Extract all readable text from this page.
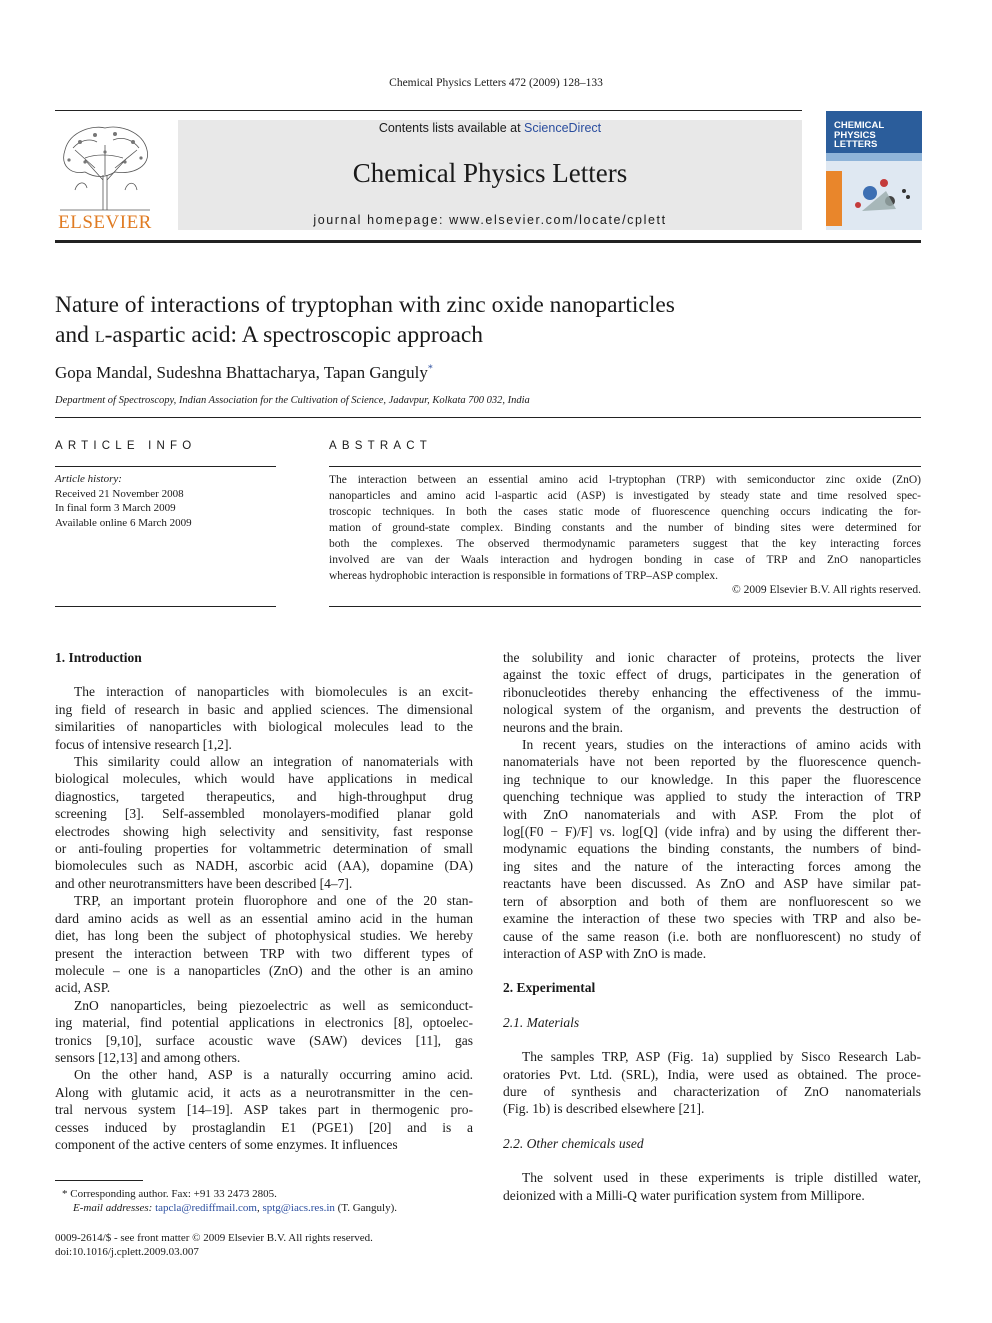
Chemical Physics Letters 472 (2009) 128–133
ELSEVIER
Contents lists available at ScienceDirect
Chemical Physics Letters
journal homepage: www.elsevier.com/locate/cplett
CHEMICAL
PHYSICS
LETTERS
Nature of interactions of tryptophan with zinc oxide nanoparticles
and l-aspartic acid: A spectroscopic approach
Gopa Mandal, Sudeshna Bhattacharya, Tapan Ganguly*
Department of Spectroscopy, Indian Association for the Cultivation of Science, Jadavpur, Kolkata 700 032, India
ARTICLE INFO
Article history:
Received 21 November 2008
In final form 3 March 2009
Available online 6 March 2009
ABSTRACT
The interaction between an essential amino acid l-tryptophan (TRP) with semiconductor zinc oxide (ZnO)
nanoparticles and amino acid l-aspartic acid (ASP) is investigated by steady state and time resolved spec-
troscopic techniques. In both the cases static mode of fluorescence quenching occurs indicating the for-
mation of ground-state complex. Binding constants and the number of binding sites were determined for
both the complexes. The observed thermodynamic parameters suggest that the key interacting forces
involved are van der Waals interaction and hydrogen bonding in case of TRP and ZnO nanoparticles
whereas hydrophobic interaction is responsible in formations of TRP–ASP complex.
© 2009 Elsevier B.V. All rights reserved.
1. Introduction
The interaction of nanoparticles with biomolecules is an excit-
ing field of research in basic and applied sciences. The dimensional
similarities of nanoparticles with biological molecules lead to the
focus of intensive research [1,2].
This similarity could allow an integration of nanomaterials with
biological molecules, which would have applications in medical
diagnostics, targeted therapeutics, and high-throughput drug
screening [3]. Self-assembled monolayers-modified planar gold
electrodes showing high selectivity and sensitivity, fast response
or anti-fouling properties for voltammetric determination of small
biomolecules such as NADH, ascorbic acid (AA), dopamine (DA)
and other neurotransmitters have been described [4–7].
TRP, an important protein fluorophore and one of the 20 stan-
dard amino acids as well as an essential amino acid in the human
diet, has long been the subject of photophysical studies. We hereby
present the interaction between TRP with two different types of
molecule – one is a nanoparticles (ZnO) and the other is an amino
acid, ASP.
ZnO nanoparticles, being piezoelectric as well as semiconduct-
ing material, find potential applications in electronics [8], optoelec-
tronics [9,10], surface acoustic wave (SAW) devices [11], gas
sensors [12,13] and among others.
On the other hand, ASP is a naturally occurring amino acid.
Along with glutamic acid, it acts as a neurotransmitter in the cen-
tral nervous system [14–19]. ASP takes part in thermogenic pro-
cesses induced by prostaglandin E1 (PGE1) [20] and is a
component of the active centers of some enzymes. It influences
the solubility and ionic character of proteins, protects the liver
against the toxic effect of drugs, participates in the generation of
ribonucleotides thereby enhancing the effectiveness of the immu-
nological system of the organism, and prevents the destruction of
neurons and the brain.
In recent years, studies on the interactions of amino acids with
nanomaterials have not been reported by the fluorescence quench-
ing technique to our knowledge. In this paper the fluorescence
quenching technique was applied to study the interaction of TRP
with ZnO nanomaterials and with ASP. From the plot of
log[(F0 − F)/F] vs. log[Q] (vide infra) and by using the different ther-
modynamic equations the binding constants, the numbers of bind-
ing sites and the nature of the interacting forces among the
reactants have been discussed. As ZnO and ASP have similar pat-
tern of absorption and both of them are nonfluorescent so we
examine the interaction of these two species with TRP and also be-
cause of the same reason (i.e. both are nonfluorescent) no study of
interaction of ASP with ZnO is made.
2. Experimental
2.1. Materials
The samples TRP, ASP (Fig. 1a) supplied by Sisco Research Lab-
oratories Pvt. Ltd. (SRL), India, were used as obtained. The proce-
dure of synthesis and characterization of ZnO nanomaterials
(Fig. 1b) is described elsewhere [21].
2.2. Other chemicals used
The solvent used in these experiments is triple distilled water,
deionized with a Milli-Q water purification system from Millipore.
* Corresponding author. Fax: +91 33 2473 2805.
E-mail addresses: tapcla@rediffmail.com, sptg@iacs.res.in (T. Ganguly).
0009-2614/$ - see front matter © 2009 Elsevier B.V. All rights reserved.
doi:10.1016/j.cplett.2009.03.007
